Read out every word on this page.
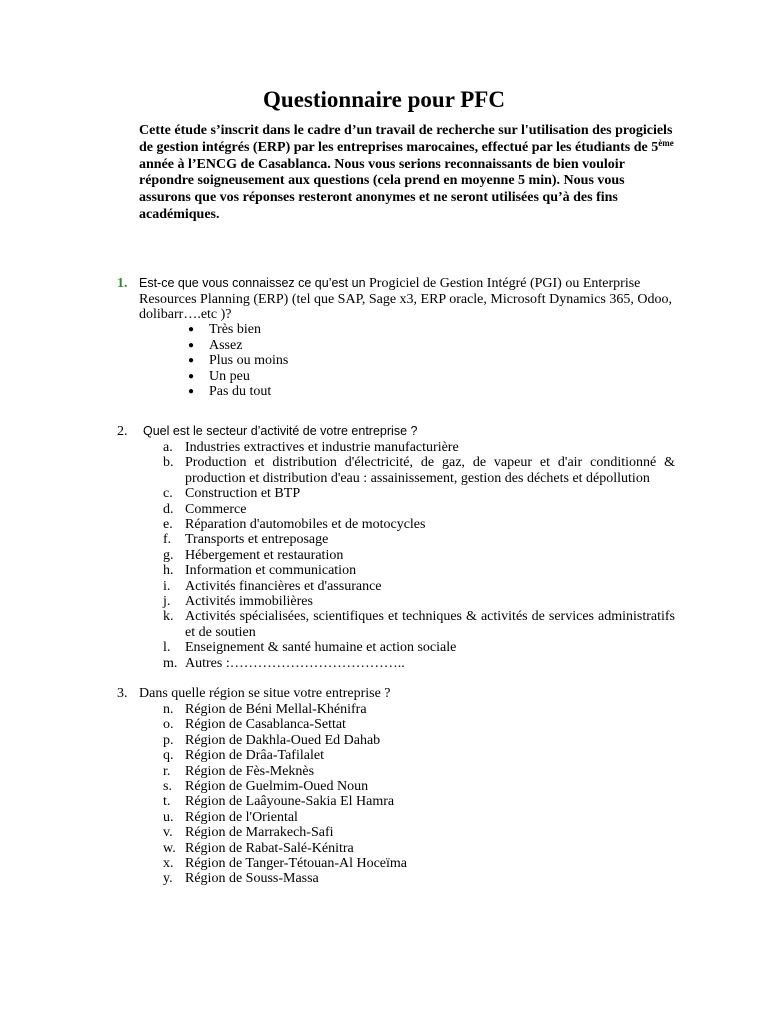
Questionnaire pour PFC

Cette étude s’inscrit dans le cadre d’un travail de recherche sur l'utilisation des progiciels de gestion intégrés (ERP) par les entreprises marocaines, effectué par les étudiants de 5ème année à l’ENCG de Casablanca. Nous vous serions reconnaissants de bien vouloir répondre soigneusement aux questions (cela prend en moyenne 5 min). Nous vous assurons que vos réponses resteront anonymes et ne seront utilisées qu’à des fins académiques.

1. Est-ce que vous connaissez ce qu’est un Progiciel de Gestion Intégré (PGI) ou Enterprise Resources Planning (ERP) (tel que SAP, Sage x3, ERP oracle, Microsoft Dynamics 365, Odoo, dolibarr….etc )?
● Très bien
● Assez
● Plus ou moins
● Un peu
● Pas du tout
2.	Quel est le secteur d’activité de votre entreprise ?
a. Industries extractives et industrie manufacturière
b. Production et distribution d'électricité, de gaz, de vapeur et d'air conditionné & production et distribution d'eau : assainissement, gestion des déchets et dépollution
c. Construction et BTP
d. Commerce
e. Réparation d'automobiles et de motocycles
f. Transports et entreposage
g. Hébergement et restauration
h. Information et communication
i. Activités financières et d'assurance
j. Activités immobilières
k. Activités spécialisées, scientifiques et techniques & activités de services administratifs et de soutien
l. Enseignement & santé humaine et action sociale
m. Autres :………………………………..
3. Dans quelle région se situe votre entreprise ?
n. Région de Béni Mellal-Khénifra
o. Région de Casablanca-Settat
p. Région de Dakhla-Oued Ed Dahab
q. Région de Drâa-Tafilalet
r. Région de Fès-Meknès
s. Région de Guelmim-Oued Noun
t. Région de Laâyoune-Sakia El Hamra
u. Région de l'Oriental
v. Région de Marrakech-Safi
w. Région de Rabat-Salé-Kénitra
x. Région de Tanger-Tétouan-Al Hoceïma
y. Région de Souss-Massa
